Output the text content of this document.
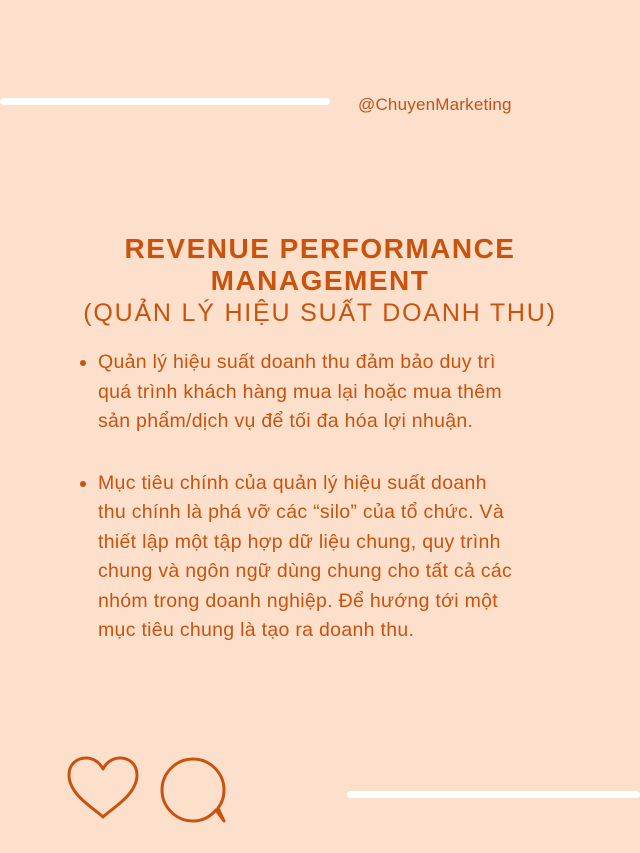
@ChuyenMarketing
REVENUE PERFORMANCE
MANAGEMENT
(QUẢN LÝ HIỆU SUẤT DOANH THU)
Quản lý hiệu suất doanh thu đảm bảo duy trì
quá trình khách hàng mua lại hoặc mua thêm
sản phẩm/dịch vụ để tối đa hóa lợi nhuận.
Mục tiêu chính của quản lý hiệu suất doanh
thu chính là phá vỡ các “silo” của tổ chức. Và
thiết lập một tập hợp dữ liệu chung, quy trình
chung và ngôn ngữ dùng chung cho tất cả các
nhóm trong doanh nghiệp. Để hướng tới một
mục tiêu chung là tạo ra doanh thu.
